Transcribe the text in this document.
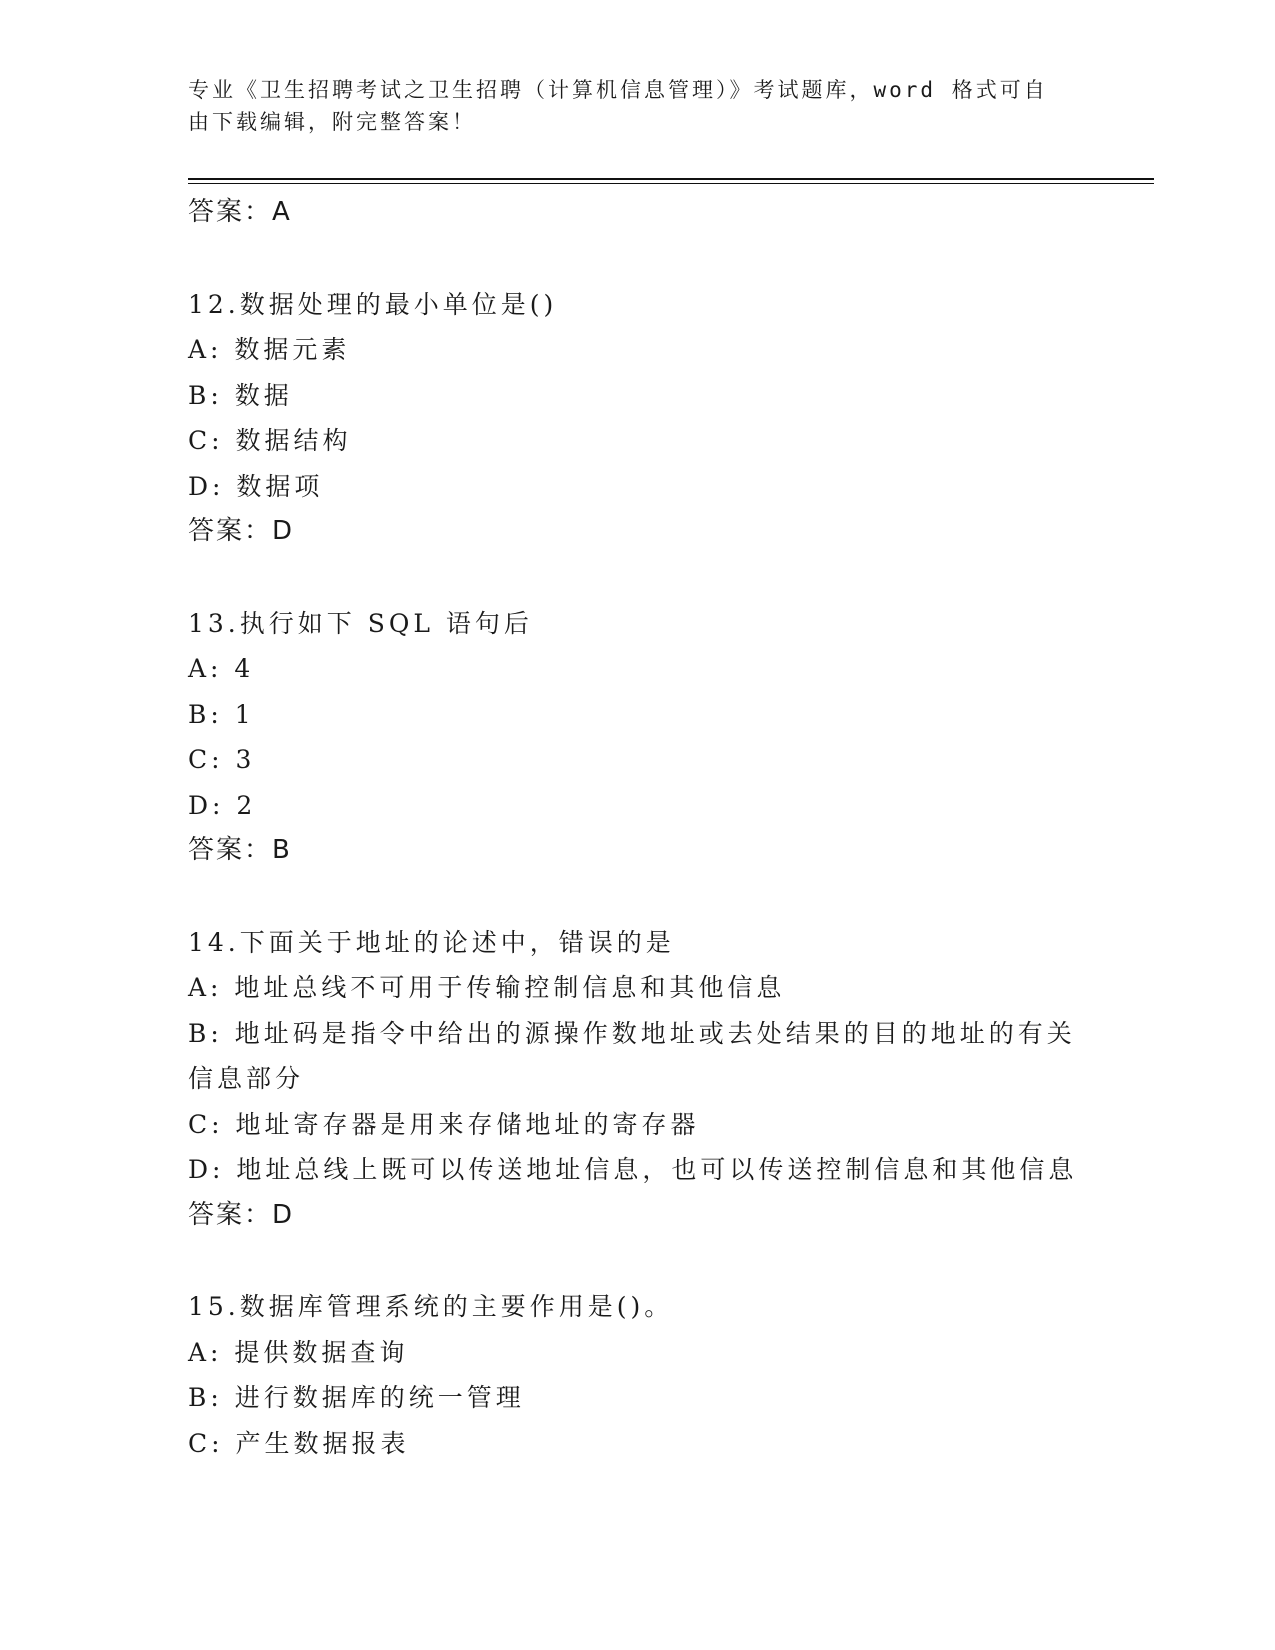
专业《卫生招聘考试之卫生招聘（计算机信息管理）》考试题库，word 格式可自由下载编辑，附完整答案！
答案：A
12.数据处理的最小单位是()
A: 数据元素
B: 数据
C: 数据结构
D: 数据项
答案：D
13.执行如下 SQL 语句后
A: 4
B: 1
C: 3
D: 2
答案：B
14.下面关于地址的论述中，错误的是
A: 地址总线不可用于传输控制信息和其他信息
B: 地址码是指令中给出的源操作数地址或去处结果的目的地址的有关信息部分
C: 地址寄存器是用来存储地址的寄存器
D: 地址总线上既可以传送地址信息，也可以传送控制信息和其他信息
答案：D
15.数据库管理系统的主要作用是()。
A: 提供数据查询
B: 进行数据库的统一管理
C: 产生数据报表
